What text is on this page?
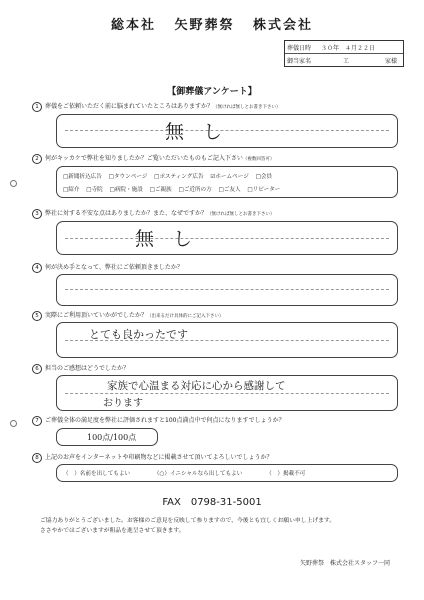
総本社 矢野葬祭 株式会社
葬儀日時	３０年　４月２２日
御当家名	工	家様
【御葬儀アンケート】
1 葬儀をご依頼いただく前に脳まれていたところはありますか？（無ければ無しとお書き下さい）
無　し
2 何がキッカケで弊社を知りましたか？ご覧いただいたものもご記入下さい（複数回答可）
□新聞折込広告 □タウンページ □ポスティング広告 ☑ホームページ □会員
□紹介 □寺院 □病院・施設 □ご親族 □ご近所の方 □ご友人 □リピーター
3 弊社に対する不安な点はありましたか？また、なぜですか？（無ければ無しとお書き下さい）
無　し
4 何が決め手となって、弊社にご依頼頂きましたか？
5 実際にご利用頂いていかがでしたか？（出来るだけ具体的にご記入下さい）
とても良かったです
6 担当のご感想はどうでしたか？
家族で心温まる対応に心から感謝して
おります
7 ご葬儀全体の満足度を弊社に評価されますと100点満点中で何点になりますでしょうか？
100点/100点
8 上記のお声をインターネットや印刷物などに掲載させて頂いてよろしいでしょうか？
（　）名前を出してもよい	（○）イニシャルなら出してもよい	（　）掲載不可
FAX　0798-31-5001
ご協力ありがとうございました。お客様のご意見を反映して参りますので、今後とも宜しくお願い申し上げます。
ささやかではございますが粗品を進呈させて頂きます。
矢野葬祭　株式会社スタッフ一同
